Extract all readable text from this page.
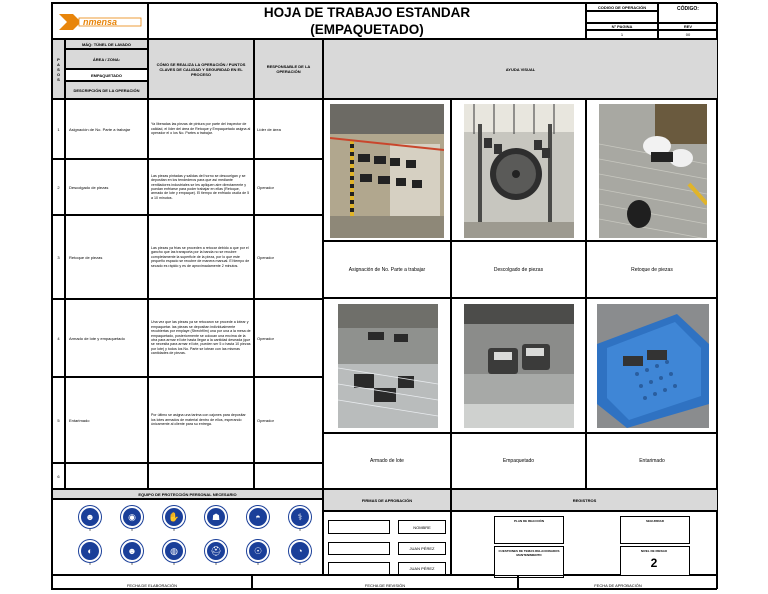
nmensa
HOJA DE TRABAJO ESTANDAR
(EMPAQUETADO)
CODIGO DE OPERACIÓN	CÓDIGO:
N° PAGINA
1
REV
00
P
A
S
O
S
MÁQ: TÚNEL DE LAVADO
ÁREA / ZONA:
EMPAQUETADO
DESCRIPCIÓN DE LA OPERACIÓN
CÓMO SE REALIZA LA OPERACIÓN / PUNTOS CLAVES DE CALIDAD Y SEGURIDAD EN EL PROCESO
RESPONSABLE DE LA OPERACIÓN	AYUDA VISUAL
Asignación de No. Parte a trabajar	Descolgado de piezas	Retoque de piezas
Armado de lote	Empaquetado	Entarimado
EQUIPO DE PROTECCIÓN PERSONAL NECESARIO
☻
X
◉
X
✋
X
☗	◓	⚕
X
◐
X
☻
X
◍
X
⛑
X
☉
X
◔
X
FIRMAS DE APROBACIÓN
NOMBRE
JUAN PÉREZ
JUAN PÉREZ
REGISTROS
PLAN DE REACCIÓN	SEGURIDAD
CUESTIONES DE TEMAS RELACIONADOS MANTENIMIENTO
NIVEL DE RIESGO
2
FECHA DE ELABORACIÓN	FECHA DE REVISIÓN	FECHA DE APROBACIÓN
1	Asignación de No. Parte a trabajar
Ya liberadas las piezas de pintura por parte del inspector de calidad, el líder del área de Retoque y Empaquetado asigna al operador el o los No. Partes a trabajar.
Líder de área
2	Descolgado de piezas
Las piezas pintadas y salidas del horno se descuelgan y se depositan en los tendederos para que así mediante ventiladores industriales se les apliquen aire directamente y puedan enfriarse para poder trabajar en ellas (Retoque, armado de lote y empaque). El tiempo de enfriado oscila de 5 a 10 minutos.
Operador
3	Retoque de piezas
Las piezas ya frías se proceden a retocar debido a que por el gancho que las transporta por la banda no se recubre completamente la superficie de la pieza, por lo que este pequeño espacio se recubre de manera manual. El tiempo de secado es rápido y es de aproximadamente 2 minutos.
Operador
4	Armado de lote y empaquetado
Una vez que las piezas ya se retocaron se procede a lotear y empaquetar. las piezas se depositan individualmente recubiertas por emplaye (Strechfilm) una por una a la mesa de empaquetado, posteriormente se colocan una encima de la otra para armar el lote hasta llegar a la cantidad deseada (que se necesita para armar el lote, pueden ser 5 o hasta 10 piezas por lote) y todos los No. Parte se lotean con las mismas cantidades de piezas.
Operador
5	Entarimado
Por último se asigna una tarima con cajones para depositar los lotes armados de material dentro de ellos, esperando únicamente al cliente para su entrega.
Operador
6
